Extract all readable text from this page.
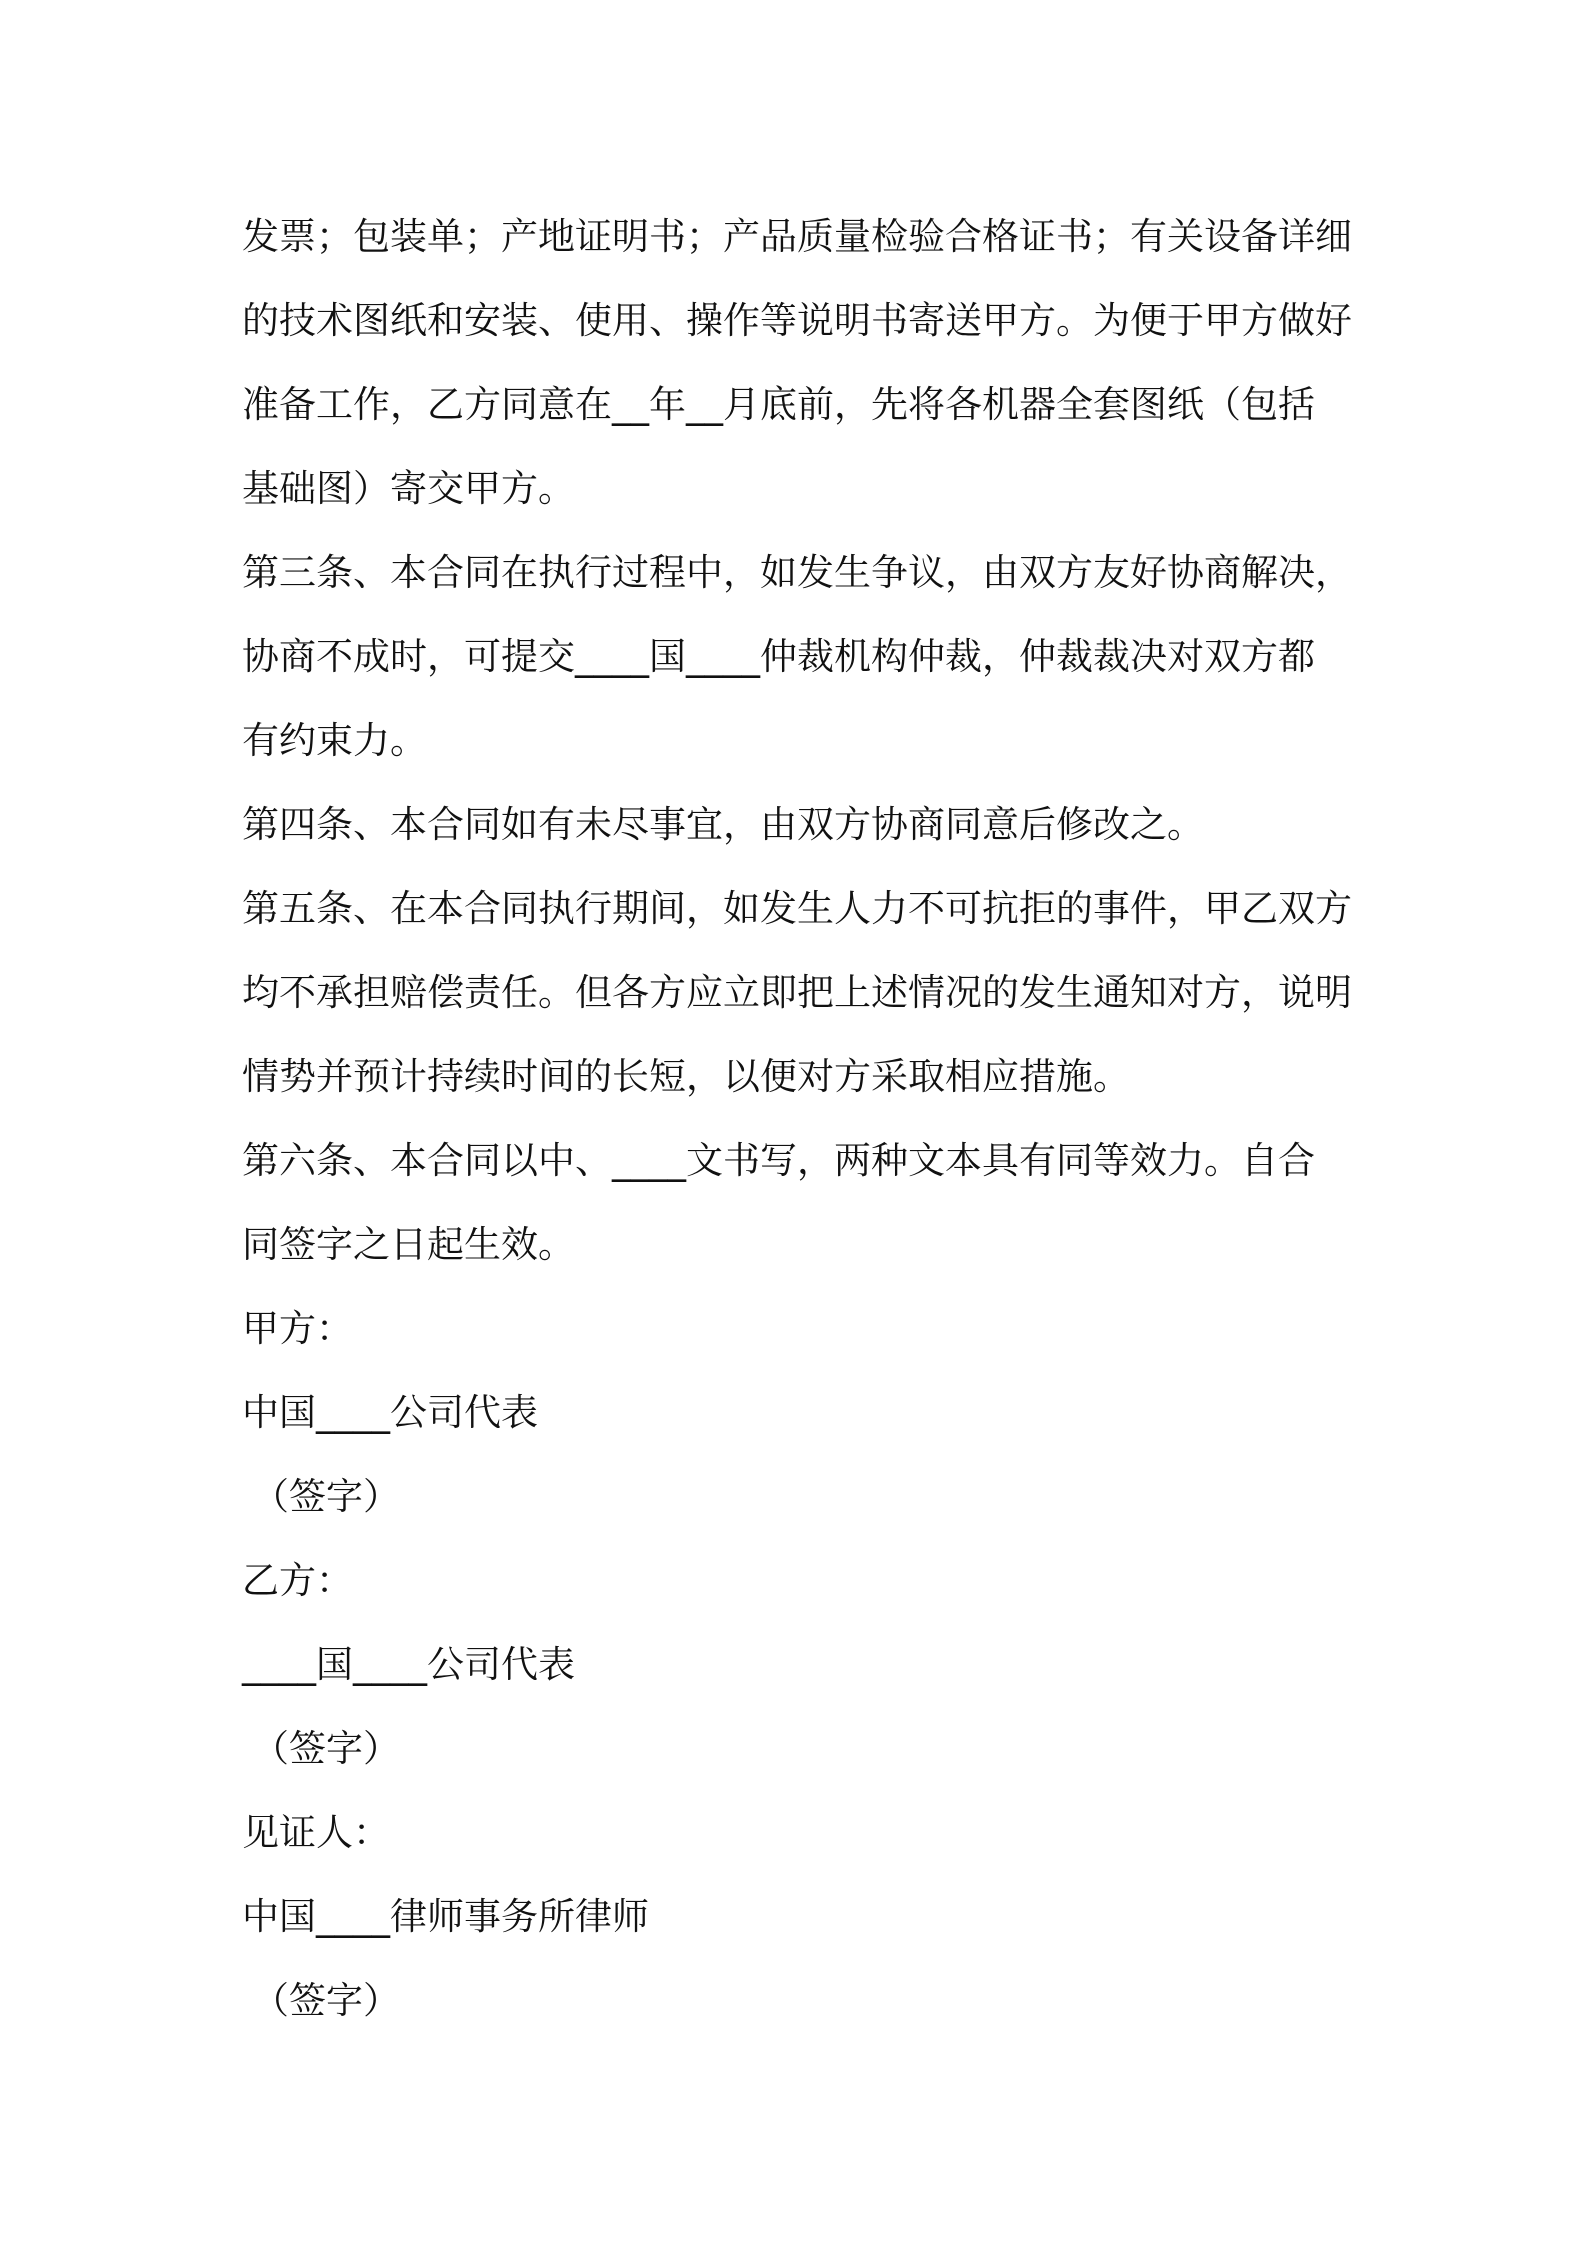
发票；包装单；产地证明书；产品质量检验合格证书；有关设备详细
的技术图纸和安装、使用、操作等说明书寄送甲方。为便于甲方做好
准备工作，乙方同意在__年__月底前，先将各机器全套图纸（包括
基础图）寄交甲方。
第三条、本合同在执行过程中，如发生争议，由双方友好协商解决，
协商不成时，可提交____国____仲裁机构仲裁，仲裁裁决对双方都
有约束力。
第四条、本合同如有未尽事宜，由双方协商同意后修改之。
第五条、在本合同执行期间，如发生人力不可抗拒的事件，甲乙双方
均不承担赔偿责任。但各方应立即把上述情况的发生通知对方，说明
情势并预计持续时间的长短，以便对方采取相应措施。
第六条、本合同以中、____文书写，两种文本具有同等效力。自合
同签字之日起生效。
甲方：
中国____公司代表
（签字）
乙方：
____国____公司代表
（签字）
见证人：
中国____律师事务所律师
（签字）
